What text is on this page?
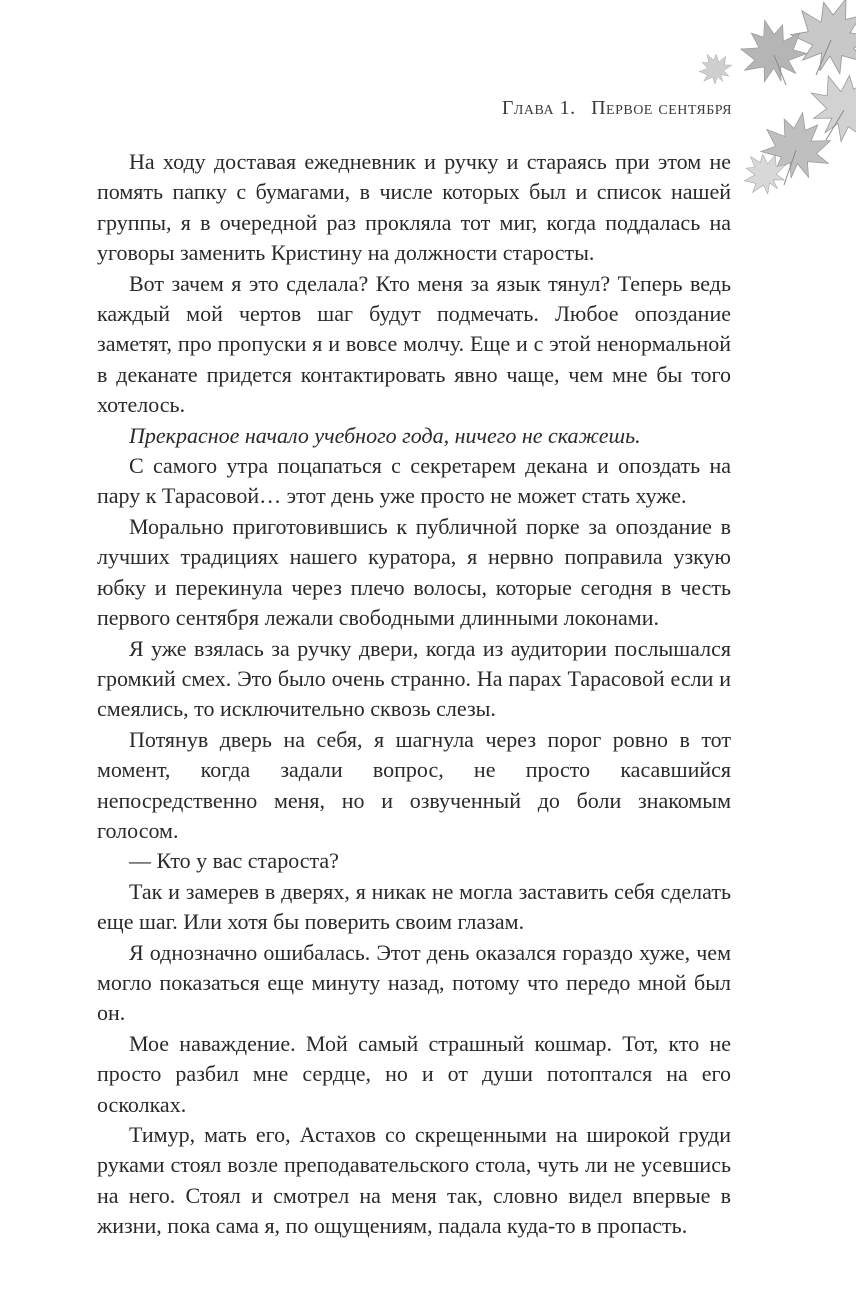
Глава 1. Первое сентября

На ходу доставая ежедневник и ручку и стараясь при этом не помять папку с бумагами, в числе которых был и список нашей группы, я в очередной раз прокляла тот миг, когда поддалась на уговоры заменить Кристину на должности старосты.

Вот зачем я это сделала? Кто меня за язык тянул? Теперь ведь каждый мой чертов шаг будут подмечать. Любое опоздание заметят, про пропуски я и вовсе молчу. Еще и с этой ненормальной в деканате придется контактировать явно чаще, чем мне бы того хотелось.

Прекрасное начало учебного года, ничего не скажешь.

С самого утра поцапаться с секретарем декана и опоздать на пару к Тарасовой… этот день уже просто не может стать хуже.

Морально приготовившись к публичной порке за опоздание в лучших традициях нашего куратора, я нервно поправила узкую юбку и перекинула через плечо волосы, которые сегодня в честь первого сентября лежали свободными длинными локонами.

Я уже взялась за ручку двери, когда из аудитории послышался громкий смех. Это было очень странно. На парах Тарасовой если и смеялись, то исключительно сквозь слезы.

Потянув дверь на себя, я шагнула через порог ровно в тот момент, когда задали вопрос, не просто касавшийся непосредственно меня, но и озвученный до боли знакомым голосом.

— Кто у вас староста?

Так и замерев в дверях, я никак не могла заставить себя сделать еще шаг. Или хотя бы поверить своим глазам.

Я однозначно ошибалась. Этот день оказался гораздо хуже, чем могло показаться еще минуту назад, потому что передо мной был он.

Мое наваждение. Мой самый страшный кошмар. Тот, кто не просто разбил мне сердце, но и от души потоптался на его осколках.

Тимур, мать его, Астахов со скрещенными на широкой груди руками стоял возле преподавательского стола, чуть ли не усевшись на него. Стоял и смотрел на меня так, словно видел впервые в жизни, пока сама я, по ощущениям, падала куда-то в пропасть.
